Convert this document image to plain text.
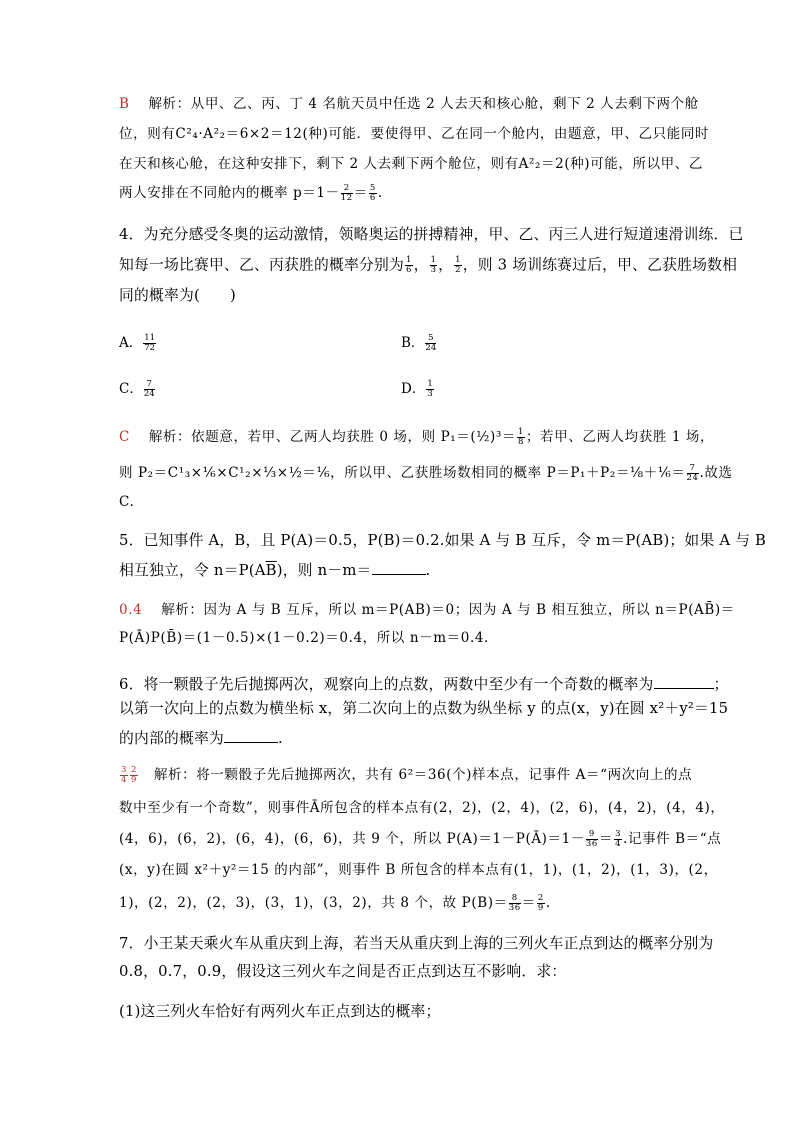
B 解析：从甲、乙、丙、丁 4 名航天员中任选 2 人去天和核心舱，剩下 2 人去剩下两个舱
位，则有C²₄·A²₂＝6×2＝12(种)可能．要使得甲、乙在同一个舱内，由题意，甲、乙只能同时
在天和核心舱，在这种安排下，剩下 2 人去剩下两个舱位，则有A²₂＝2(种)可能，所以甲、乙
两人安排在不同舱内的概率 $p=1- \frac{2}{12} = \frac{5}{6}$ .
4．为充分感受冬奥的运动激情，领略奥运的拼搏精神，甲、乙、丙三人进行短道速滑训练．已
知每一场比赛甲、乙、丙获胜的概率分别为 $\frac{1}{6}$ ， $\frac{1}{3}$ ， $\frac{1}{2}$ ，则 3 场训练赛过后，甲、乙获胜场数相
同的概率为(　　)
A． $\frac{11}{72}$	B． $\frac{5}{24}$
C． $\frac{7}{24}$	D． $\frac{1}{3}$
C 解析：依题意，若甲、乙两人均获胜 0 场，则 P₁＝(½)³＝ $\frac{1}{8}$ ；若甲、乙两人均获胜 1 场，
则 P₂＝C¹₃×⅙×C¹₂×⅓×½＝⅙，所以甲、乙获胜场数相同的概率 P＝P₁＋P₂＝⅛＋⅙＝ $\frac{7}{24}$ .故选
C.
5．已知事件 A，B，且 P(A)＝0.5，P(B)＝0.2.如果 A 与 B 互斥，令 m＝P(AB)；如果 A 与 B
相互独立，令 $n=P(A\overline{B})$，则 n－m＝	.
0.4 解析：因为 A 与 B 互斥，所以 m＝P(AB)＝0；因为 A 与 B 相互独立，所以 n＝P(AB̄)＝
P(Ā)P(B̄)＝(1－0.5)×(1－0.2)＝0.4，所以 n－m＝0.4.
6．将一颗骰子先后抛掷两次，观察向上的点数，两数中至少有一个奇数的概率为	；
以第一次向上的点数为横坐标 x，第二次向上的点数为纵坐标 y 的点(x，y)在圆 x²＋y²＝15
的内部的概率为	.
$\frac{3}{4} \frac{2}{9}$ 解析：将一颗骰子先后抛掷两次，共有 6²＝36(个)样本点，记事件 A＝“两次向上的点
数中至少有一个奇数”，则事件Ā所包含的样本点有(2，2)，(2，4)，(2，6)，(4，2)，(4，4)，
(4，6)，(6，2)，(6，4)，(6，6)，共 9 个，所以 P(A)＝1－P(Ā)＝1－ $\frac{9}{36} = \frac{3}{4}$ .记事件 B＝“点
(x，y)在圆 x²＋y²＝15 的内部”，则事件 B 所包含的样本点有(1，1)，(1，2)，(1，3)，(2，
1)，(2，2)，(2，3)，(3，1)，(3，2)，共 8 个，故 $P(B)= \frac{8}{36} = \frac{2}{9}$ .
7．小王某天乘火车从重庆到上海，若当天从重庆到上海的三列火车正点到达的概率分别为
0.8，0.7，0.9，假设这三列火车之间是否正点到达互不影响．求：
(1)这三列火车恰好有两列火车正点到达的概率；
